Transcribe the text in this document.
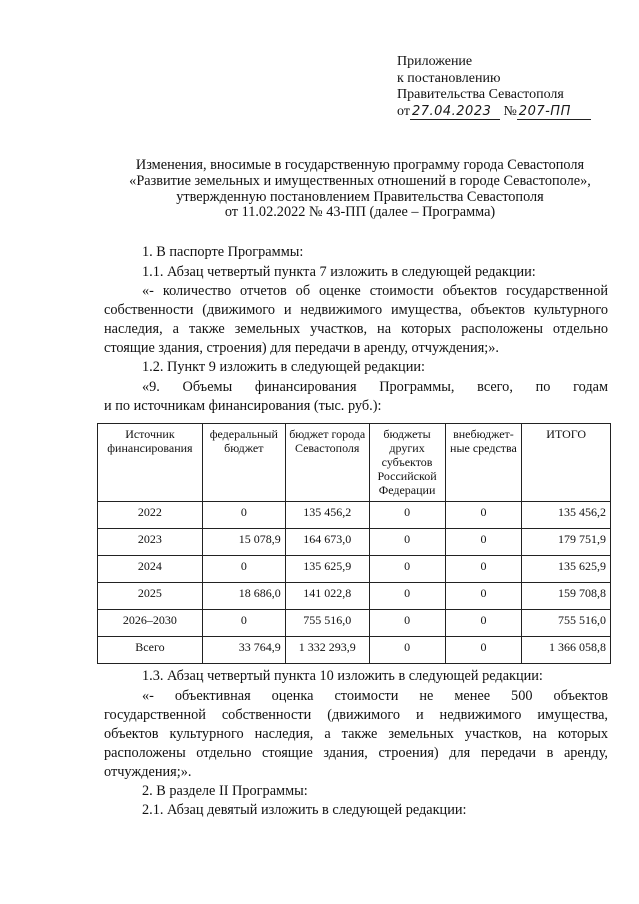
Приложение
к постановлению
Правительства Севастополя
от 27.04.2023 № 207-ПП
Изменения, вносимые в государственную программу города Севастополя
«Развитие земельных и имущественных отношений в городе Севастополе»,
утвержденную постановлением Правительства Севастополя
от 11.02.2022 № 43-ПП (далее – Программа)
1. В паспорте Программы:
1.1. Абзац четвертый пункта 7 изложить в следующей редакции:
«- количество отчетов об оценке стоимости объектов государственной
собственности (движимого и недвижимого имущества, объектов культурного
наследия, а также земельных участков, на которых расположены отдельно
стоящие здания, строения) для передачи в аренду, отчуждения;».
1.2. Пункт 9 изложить в следующей редакции:
«9. Объемы финансирования Программы, всего, по годам
и по источникам финансирования (тыс. руб.):
Источник финансирования	федеральный бюджет	бюджет города Севастополя	бюджеты других субъектов Российской Федерации	внебюджет-ные средства	ИТОГО
2022	0	135 456,2	0	0	135 456,2
2023	15 078,9	164 673,0	0	0	179 751,9
2024	0	135 625,9	0	0	135 625,9
2025	18 686,0	141 022,8	0	0	159 708,8
2026–2030	0	755 516,0	0	0	755 516,0
Всего	33 764,9	1 332 293,9	0	0	1 366 058,8
1.3. Абзац четвертый пункта 10 изложить в следующей редакции:
«- объективная оценка стоимости не менее 500 объектов
государственной собственности (движимого и недвижимого имущества,
объектов культурного наследия, а также земельных участков, на которых
расположены отдельно стоящие здания, строения) для передачи в аренду,
отчуждения;».
2. В разделе II Программы:
2.1. Абзац девятый изложить в следующей редакции:
